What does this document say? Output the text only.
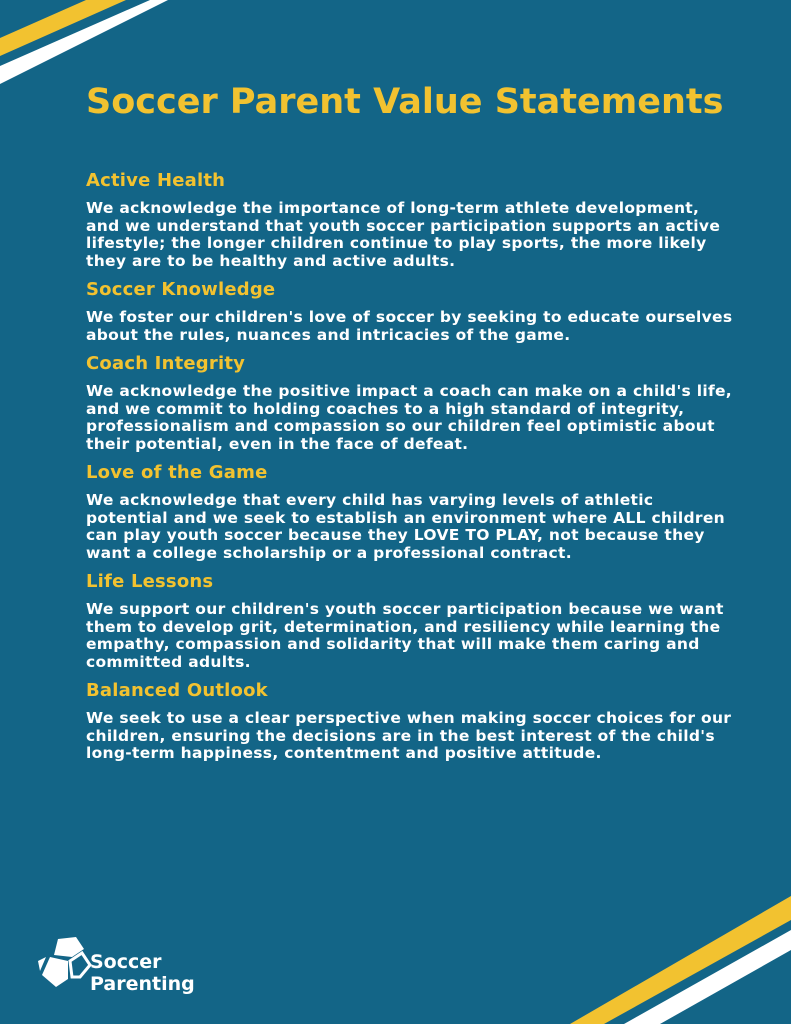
Soccer Parent Value Statements
Active Health

We acknowledge the importance of long-term athlete development, and we understand that youth soccer participation supports an active lifestyle; the longer children continue to play sports, the more likely they are to be healthy and active adults.

Soccer Knowledge

We foster our children's love of soccer by seeking to educate ourselves about the rules, nuances and intricacies of the game.

Coach Integrity

We acknowledge the positive impact a coach can make on a child's life, and we commit to holding coaches to a high standard of integrity, professionalism and compassion so our children feel optimistic about their potential, even in the face of defeat.

Love of the Game

We acknowledge that every child has varying levels of athletic potential and we seek to establish an environment where ALL children can play youth soccer because they LOVE TO PLAY, not because they want a college scholarship or a professional contract.

Life Lessons

We support our children's youth soccer participation because we want them to develop grit, determination, and resiliency while learning the empathy, compassion and solidarity that will make them caring and committed adults.

Balanced Outlook

We seek to use a clear perspective when making soccer choices for our children, ensuring the decisions are in the best interest of the child's long-term happiness, contentment and positive attitude.

Soccer
Parenting
